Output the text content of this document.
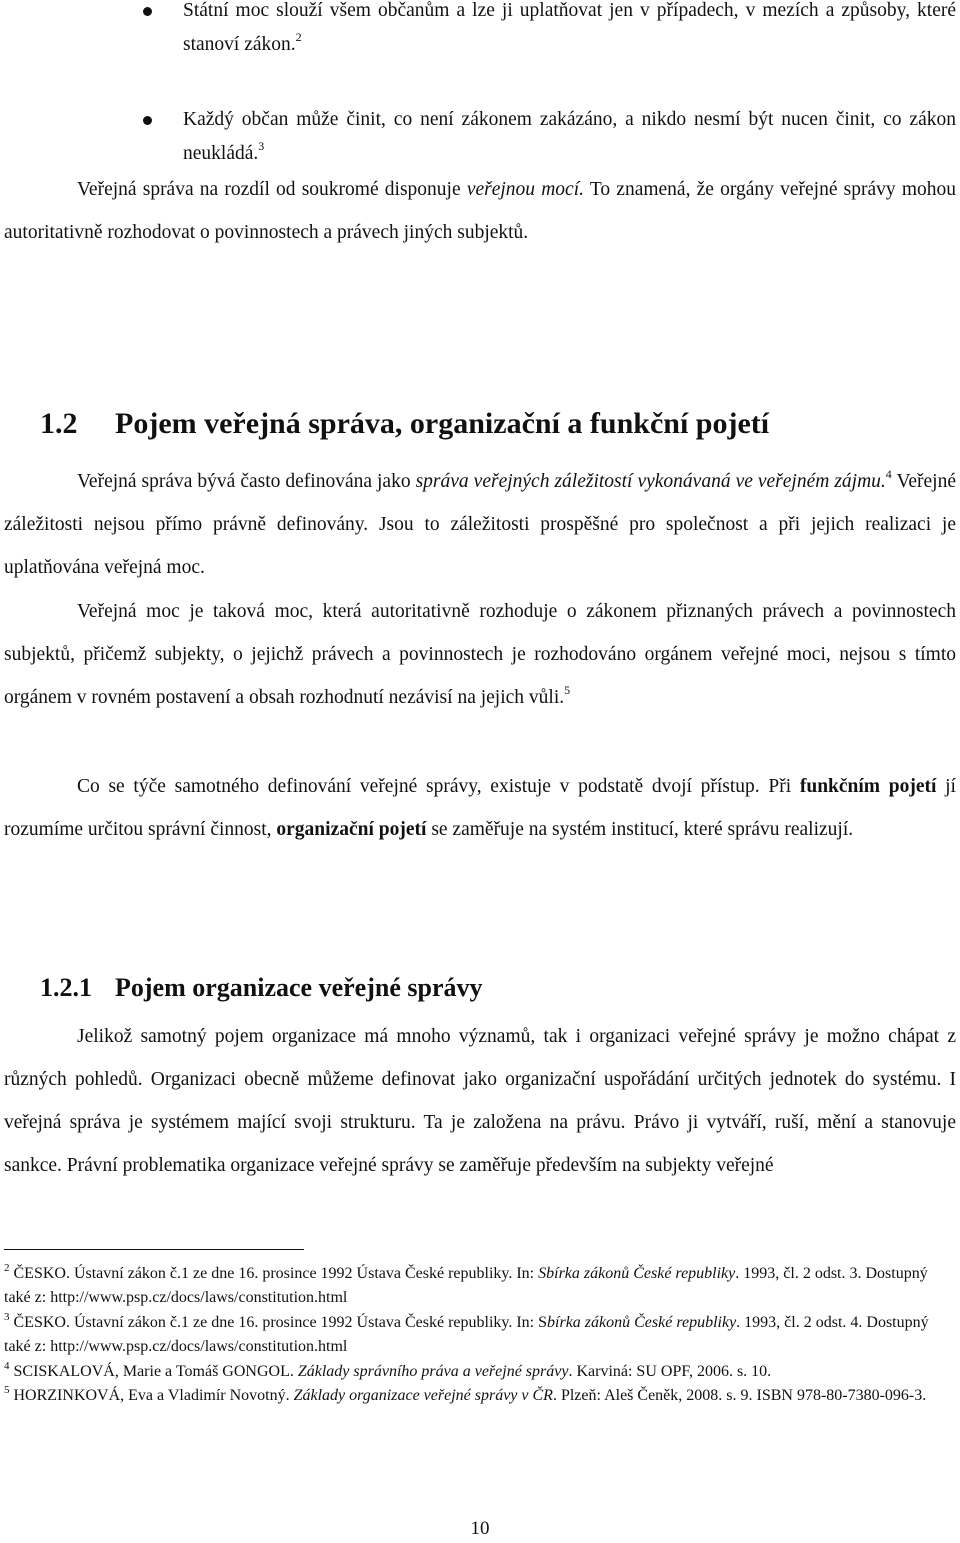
Státní moc slouží všem občanům a lze ji uplatňovat jen v případech, v mezích a způsoby, které stanoví zákon.$^2$
Každý občan může činit, co není zákonem zakázáno, a nikdo nesmí být nucen činit, co zákon neukládá.$^3$

Veřejná správa na rozdíl od soukromé disponuje veřejnou mocí. To znamená, že orgány veřejné správy mohou autoritativně rozhodovat o povinnostech a právech jiných subjektů.

1.2 Pojem veřejná správa, organizační a funkční pojetí

Veřejná správa bývá často definována jako správa veřejných záležitostí vykonávaná ve veřejném zájmu.$^4$ Veřejné záležitosti nejsou přímo právně definovány. Jsou to záležitosti prospěšné pro společnost a při jejich realizaci je uplatňována veřejná moc.

Veřejná moc je taková moc, která autoritativně rozhoduje o zákonem přiznaných právech a povinnostech subjektů, přičemž subjekty, o jejichž právech a povinnostech je rozhodováno orgánem veřejné moci, nejsou s tímto orgánem v rovném postavení a obsah rozhodnutí nezávisí na jejich vůli.$^5$

Co se týče samotného definování veřejné správy, existuje v podstatě dvojí přístup. Při funkčním pojetí jí rozumíme určitou správní činnost, organizační pojetí se zaměřuje na systém institucí, které správu realizují.

1.2.1 Pojem organizace veřejné správy

Jelikož samotný pojem organizace má mnoho významů, tak i organizaci veřejné správy je možno chápat z různých pohledů. Organizaci obecně můžeme definovat jako organizační uspořádání určitých jednotek do systému. I veřejná správa je systémem mající svoji strukturu. Ta je založena na právu. Právo ji vytváří, ruší, mění a stanovuje sankce. Právní problematika organizace veřejné správy se zaměřuje především na subjekty veřejné

$^2$ ČESKO. Ústavní zákon č.1 ze dne 16. prosince 1992 Ústava České republiky. In: Sbírka zákonů České republiky. 1993, čl. 2 odst. 3. Dostupný také z: http://www.psp.cz/docs/laws/constitution.html
$^3$ ČESKO. Ústavní zákon č.1 ze dne 16. prosince 1992 Ústava České republiky. In: Sbírka zákonů České republiky. 1993, čl. 2 odst. 4. Dostupný také z: http://www.psp.cz/docs/laws/constitution.html
$^4$ SCISKALOVÁ, Marie a Tomáš GONGOL. Základy správního práva a veřejné správy. Karviná: SU OPF, 2006. s. 10.
$^5$ HORZINKOVÁ, Eva a Vladimír Novotný. Základy organizace veřejné správy v ČR. Plzeň: Aleš Čeněk, 2008. s. 9. ISBN 978-80-7380-096-3.
10
